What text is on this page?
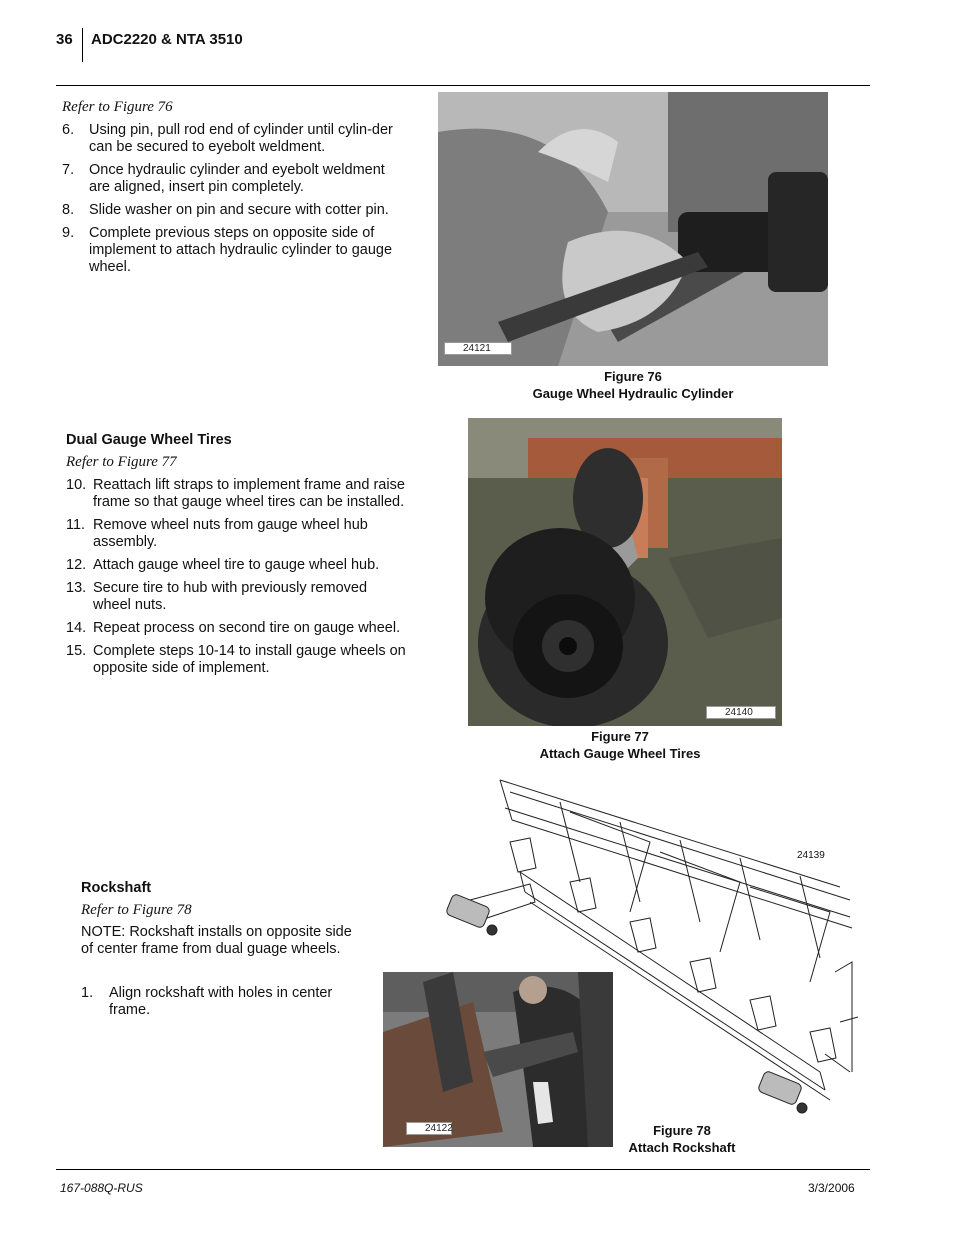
36 ADC2220 & NTA 3510
Refer to Figure 76
6. Using pin, pull rod end of cylinder until cylin-der can be secured to eyebolt weldment.
7. Once hydraulic cylinder and eyebolt weldment are aligned, insert pin completely.
8. Slide washer on pin and secure with cotter pin.
9. Complete previous steps on opposite side of implement to attach hydraulic cylinder to gauge wheel.
24121
Figure 76
Gauge Wheel Hydraulic Cylinder
Dual Gauge Wheel Tires
Refer to Figure 77
10. Reattach lift straps to implement frame and raise frame so that gauge wheel tires can be installed.
11. Remove wheel nuts from gauge wheel hub assembly.
12. Attach gauge wheel tire to gauge wheel hub.
13. Secure tire to hub with previously removed wheel nuts.
14. Repeat process on second tire on gauge wheel.
15. Complete steps 10-14 to install gauge wheels on opposite side of implement.
24140
Figure 77
Attach Gauge Wheel Tires
Rockshaft
Refer to Figure 78
NOTE: Rockshaft installs on opposite side of center frame from dual guage wheels.
1. Align rockshaft with holes in center frame.
24139
24122	Figure 78
Attach Rockshaft
167-088Q-RUS	3/3/2006
